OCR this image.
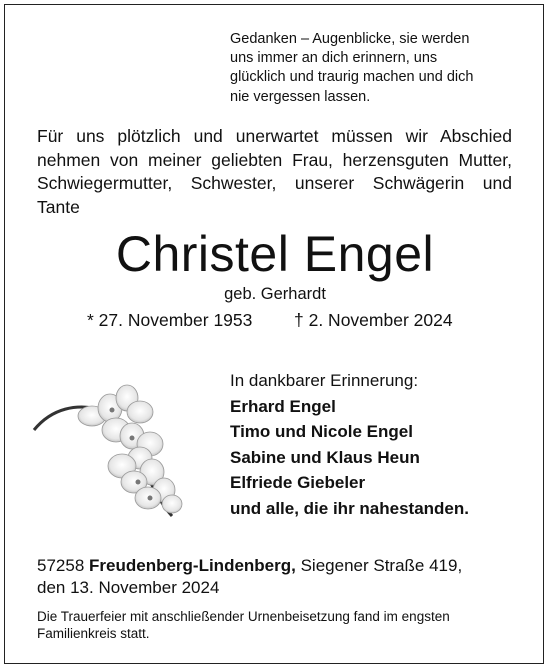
Gedanken – Augenblicke, sie werden
uns immer an dich erinnern, uns
glücklich und traurig machen und dich
nie vergessen lassen.
Für uns plötzlich und unerwartet müssen wir Abschied
nehmen von meiner geliebten Frau, herzensguten Mutter,
Schwiegermutter, Schwester, unserer Schwägerin und
Tante
Christel Engel
geb. Gerhardt
* 27. November 1953 † 2. November 2024
In dankbarer Erinnerung:
Erhard Engel
Timo und Nicole Engel
Sabine und Klaus Heun
Elfriede Giebeler
und alle, die ihr nahestanden.
57258 Freudenberg-Lindenberg, Siegener Straße 419,
den 13. November 2024
Die Trauerfeier mit anschließender Urnenbeisetzung fand im engsten Familienkreis statt.
